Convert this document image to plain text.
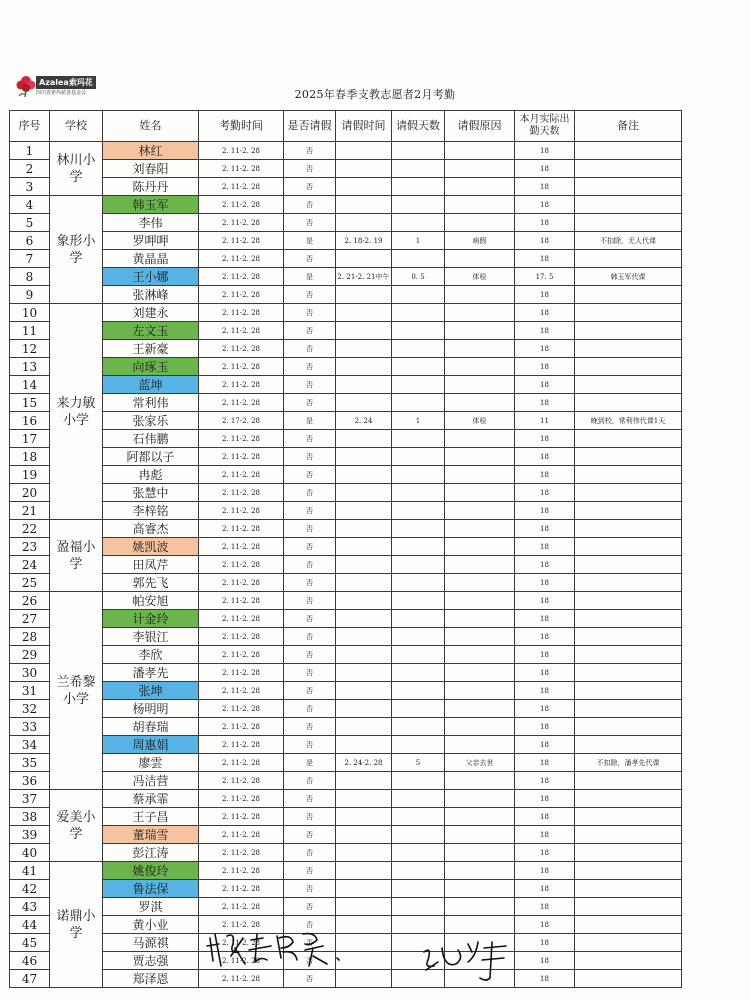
Azalea索玛花
四川省索玛慈善基金会	2025年春季支教志愿者2月考勤
序号	学校	姓名	考勤时间	是否请假	请假时间	请假天数	请假原因	本月实际出勤天数	备注
1	林川小学	林红	2. 11-2. 28	否				18	
2		刘春阳	2. 11-2. 28	否				18	
3		陈丹丹	2. 11-2. 28	否				18	
4	象形小学	韩玉军	2. 11-2. 28	否				18	
5		李伟	2. 11-2. 28	否				18	
6		罗呷呷	2. 11-2. 28	是	2. 18-2. 19	1	病假	18	不扣除，无人代课
7		黄晶晶	2. 11-2. 28	否				18	
8		王小娜	2. 11-2. 28	是	2. 21-2. 21中午	0. 5	体检	17. 5	韩玉军代课
9		张淋峰	2. 11-2. 28	否				18	
10	来力敏小学	刘建永	2. 11-2. 28	否				18	
11		左文玉	2. 11-2. 28	否				18	
12		王新豪	2. 11-2. 28	否				18	
13		向琢玉	2. 11-2. 28	否				18	
14		蓝坤	2. 11-2. 28	否				18	
15		常利伟	2. 11-2. 28	否				18	
16		张家乐	2. 17-2. 28	是	2. 24	1	体检	11	晚到校，常利伟代课1天
17		石伟鹏	2. 11-2. 28	否				18	
18		阿都以子	2. 11-2. 28	否				18	
19		冉彪	2. 11-2. 28	否				18	
20		张慧中	2. 11-2. 28	否				18	
21		李梓铭	2. 11-2. 28	否				18	
22	盈福小学	高睿杰	2. 11-2. 28	否				18	
23		姚凯波	2. 11-2. 28	否				18	
24		田凤芹	2. 11-2. 28	否				18	
25		郭先飞	2. 11-2. 28	否				18	
26	兰希黎小学	帕安旭	2. 11-2. 28	否				18	
27		计金玲	2. 11-2. 28	否				18	
28		李银江	2. 11-2. 28	否				18	
29		李欣	2. 11-2. 28	否				18	
30		潘孝先	2. 11-2. 28	否				18	
31		张坤	2. 11-2. 28	否				18	
32		杨明明	2. 11-2. 28	否				18	
33		胡春瑞	2. 11-2. 28	否				18	
34		周惠娟	2. 11-2. 28	否				18	
35		廖雲	2. 11-2. 28	是	2. 24-2. 28	5	父亲去世	18	不扣除，潘孝先代课
36		冯洁营	2. 11-2. 28	否				18	
37	爱美小学	蔡承霏	2. 11-2. 28	否				18	
38		王子昌	2. 11-2. 28	否				18	
39		董瑞雪	2. 11-2. 28	否				18	
40		彭江涛	2. 11-2. 28	否				18	
41	诺鼎小学	姚俊玲	2. 11-2. 28	否				18	
42		鲁法保	2. 11-2. 28	否				18	
43		罗淇	2. 11-2. 28	否				18	
44		黄小业	2. 11-2. 28	否				18	
45		马源祺	2. 11-2. 28	否				18	
46		贾志强	2. 11-2. 28	否				18	
47		郑泽恩	2. 11-2. 28	否				18	
